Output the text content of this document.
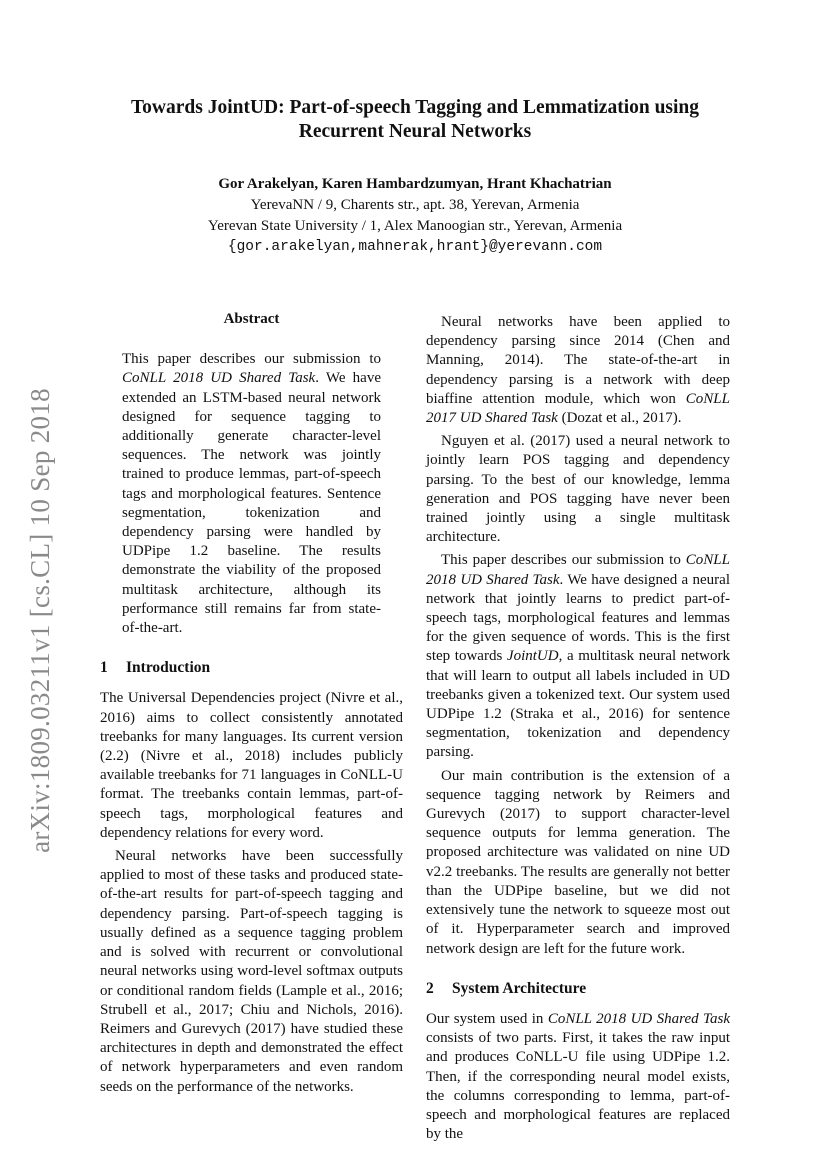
arXiv:1809.03211v1 [cs.CL] 10 Sep 2018
Towards JointUD: Part-of-speech Tagging and Lemmatization using
Recurrent Neural Networks
Gor Arakelyan, Karen Hambardzumyan, Hrant Khachatrian
YerevaNN / 9, Charents str., apt. 38, Yerevan, Armenia
Yerevan State University / 1, Alex Manoogian str., Yerevan, Armenia
{gor.arakelyan,mahnerak,hrant}@yerevann.com
Abstract

This paper describes our submission to CoNLL 2018 UD Shared Task. We have extended an LSTM-based neural network designed for sequence tagging to additionally generate character-level sequences. The network was jointly trained to produce lemmas, part-of-speech tags and morphological features. Sentence segmentation, tokenization and dependency parsing were handled by UDPipe 1.2 baseline. The results demonstrate the viability of the proposed multitask architecture, although its performance still remains far from state-of-the-art.

1 Introduction

The Universal Dependencies project (Nivre et al., 2016) aims to collect consistently annotated treebanks for many languages. Its current version (2.2) (Nivre et al., 2018) includes publicly available treebanks for 71 languages in CoNLL-U format. The treebanks contain lemmas, part-of-speech tags, morphological features and dependency relations for every word.

Neural networks have been successfully applied to most of these tasks and produced state-of-the-art results for part-of-speech tagging and dependency parsing. Part-of-speech tagging is usually defined as a sequence tagging problem and is solved with recurrent or convolutional neural networks using word-level softmax outputs or conditional random fields (Lample et al., 2016; Strubell et al., 2017; Chiu and Nichols, 2016). Reimers and Gurevych (2017) have studied these architectures in depth and demonstrated the effect of network hyperparameters and even random seeds on the performance of the networks.

Neural networks have been applied to dependency parsing since 2014 (Chen and Manning, 2014). The state-of-the-art in dependency parsing is a network with deep biaffine attention module, which won CoNLL 2017 UD Shared Task (Dozat et al., 2017).

Nguyen et al. (2017) used a neural network to jointly learn POS tagging and dependency parsing. To the best of our knowledge, lemma generation and POS tagging have never been trained jointly using a single multitask architecture.

This paper describes our submission to CoNLL 2018 UD Shared Task. We have designed a neural network that jointly learns to predict part-of-speech tags, morphological features and lemmas for the given sequence of words. This is the first step towards JointUD, a multitask neural network that will learn to output all labels included in UD treebanks given a tokenized text. Our system used UDPipe 1.2 (Straka et al., 2016) for sentence segmentation, tokenization and dependency parsing.

Our main contribution is the extension of a sequence tagging network by Reimers and Gurevych (2017) to support character-level sequence outputs for lemma generation. The proposed architecture was validated on nine UD v2.2 treebanks. The results are generally not better than the UDPipe baseline, but we did not extensively tune the network to squeeze most out of it. Hyperparameter search and improved network design are left for the future work.

2 System Architecture

Our system used in CoNLL 2018 UD Shared Task consists of two parts. First, it takes the raw input and produces CoNLL-U file using UDPipe 1.2. Then, if the corresponding neural model exists, the columns corresponding to lemma, part-of-speech and morphological features are replaced by the
